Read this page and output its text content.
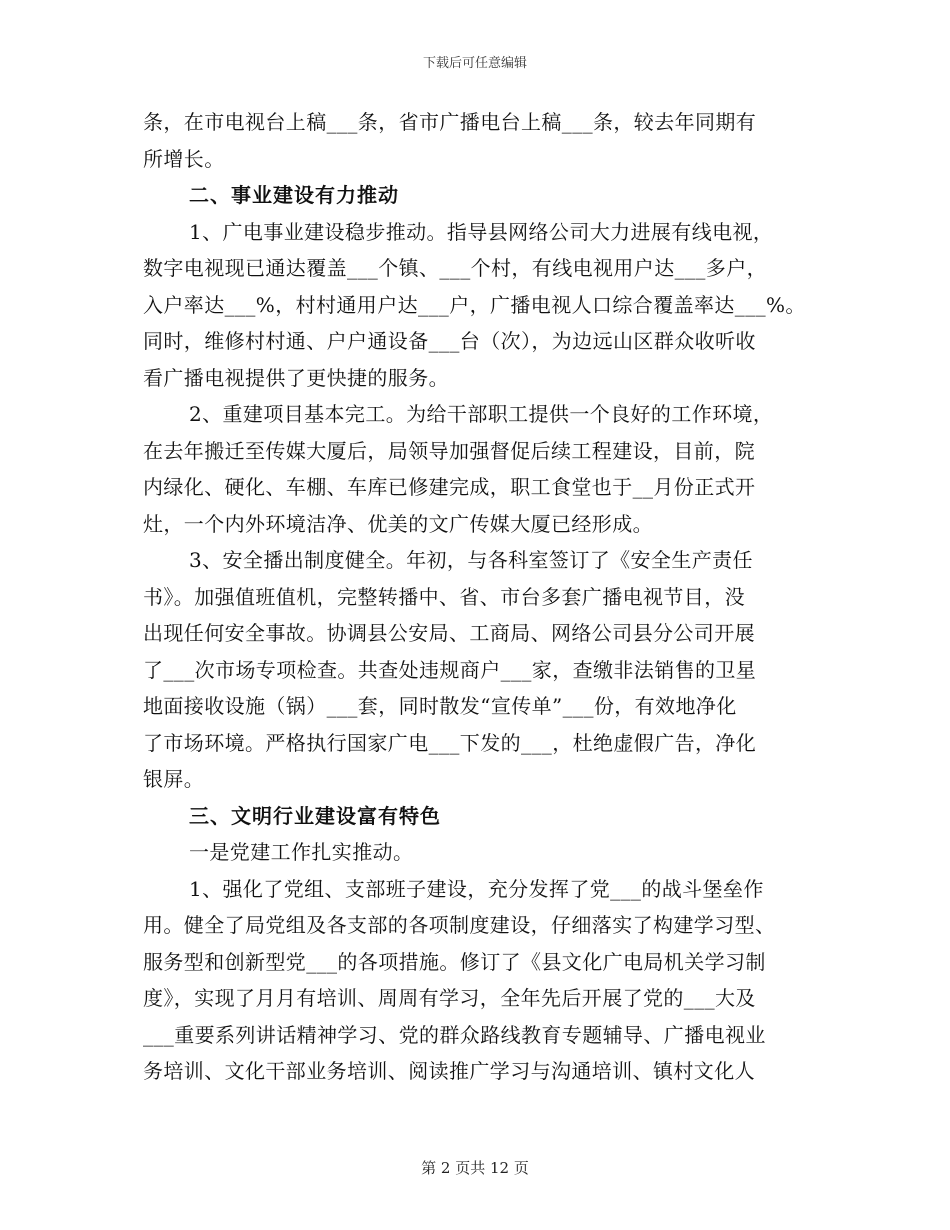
下载后可任意编辑
条，在市电视台上稿___条，省市广播电台上稿___条，较去年同期有
所增长。
二、事业建设有力推动
1、广电事业建设稳步推动。指导县网络公司大力进展有线电视，
数字电视现已通达覆盖___个镇、___个村，有线电视用户达___多户，
入户率达___%，村村通用户达___户，广播电视人口综合覆盖率达___%。
同时，维修村村通、户户通设备___台（次），为边远山区群众收听收
看广播电视提供了更快捷的服务。
2、重建项目基本完工。为给干部职工提供一个良好的工作环境，
在去年搬迁至传媒大厦后，局领导加强督促后续工程建设，目前，院
内绿化、硬化、车棚、车库已修建完成，职工食堂也于__月份正式开
灶，一个内外环境洁净、优美的文广传媒大厦已经形成。
3、安全播出制度健全。年初，与各科室签订了《安全生产责任
书》。加强值班值机，完整转播中、省、市台多套广播电视节目，没
出现任何安全事故。协调县公安局、工商局、网络公司县分公司开展
了___次市场专项检查。共查处违规商户___家，查缴非法销售的卫星
地面接收设施（锅）___套，同时散发“宣传单”___份，有效地净化
了市场环境。严格执行国家广电___下发的___，杜绝虚假广告，净化
银屏。
三、文明行业建设富有特色
一是党建工作扎实推动。
1、强化了党组、支部班子建设，充分发挥了党___的战斗堡垒作
用。健全了局党组及各支部的各项制度建设，仔细落实了构建学习型、
服务型和创新型党___的各项措施。修订了《县文化广电局机关学习制
度》，实现了月月有培训、周周有学习，全年先后开展了党的___大及
___重要系列讲话精神学习、党的群众路线教育专题辅导、广播电视业
务培训、文化干部业务培训、阅读推广学习与沟通培训、镇村文化人
第 2 页共 12 页
